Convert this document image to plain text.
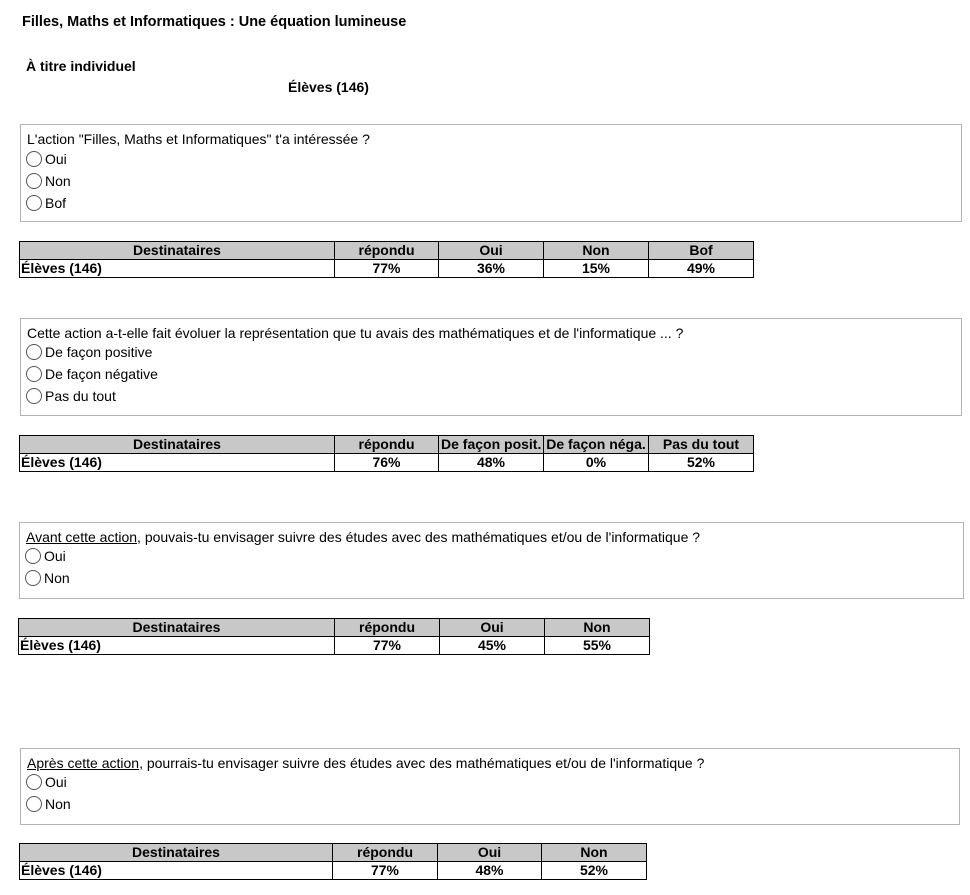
Filles, Maths et Informatiques : Une équation lumineuse
À titre individuel
Élèves (146)
L'action "Filles, Maths et Informatiques" t'a intéressée ?
Oui
Non
Bof
Destinataires	répondu	Oui	Non	Bof
Élèves (146)	77%	36%	15%	49%
Cette action a-t-elle fait évoluer la représentation que tu avais des mathématiques et de l'informatique ... ?
De façon positive
De façon négative
Pas du tout
Destinataires	répondu	De façon posit.	De façon néga.	Pas du tout
Élèves (146)	76%	48%	0%	52%
Avant cette action, pouvais-tu envisager suivre des études avec des mathématiques et/ou de l'informatique ?
Oui
Non
Destinataires	répondu	Oui	Non
Élèves (146)	77%	45%	55%
Après cette action, pourrais-tu envisager suivre des études avec des mathématiques et/ou de l'informatique ?
Oui
Non
Destinataires	répondu	Oui	Non
Élèves (146)	77%	48%	52%
